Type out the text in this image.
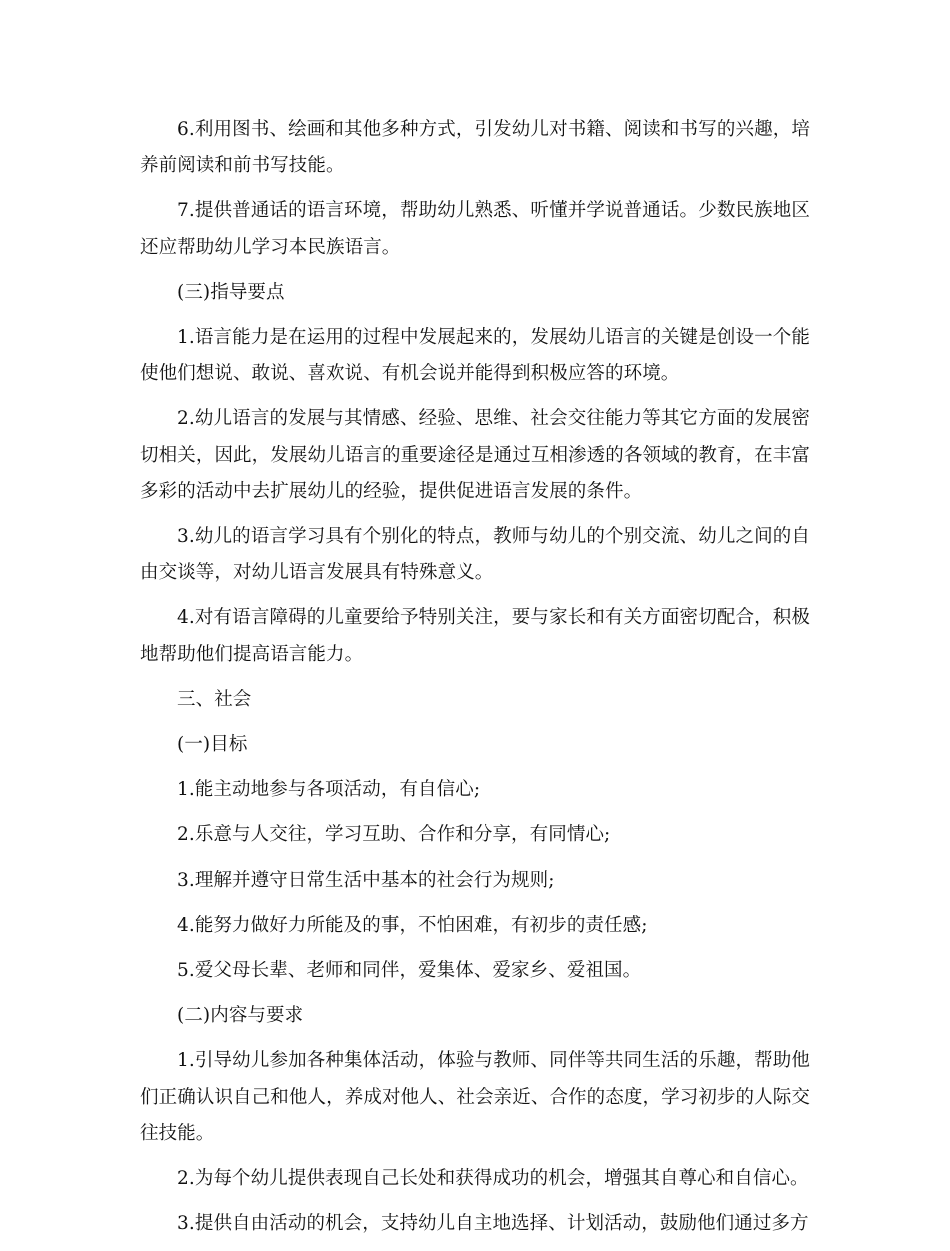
6.利用图书、绘画和其他多种方式，引发幼儿对书籍、阅读和书写的兴趣，培养前阅读和前书写技能。

7.提供普通话的语言环境，帮助幼儿熟悉、听懂并学说普通话。少数民族地区还应帮助幼儿学习本民族语言。

(三)指导要点

1.语言能力是在运用的过程中发展起来的，发展幼儿语言的关键是创设一个能使他们想说、敢说、喜欢说、有机会说并能得到积极应答的环境。

2.幼儿语言的发展与其情感、经验、思维、社会交往能力等其它方面的发展密切相关，因此，发展幼儿语言的重要途径是通过互相渗透的各领域的教育，在丰富多彩的活动中去扩展幼儿的经验，提供促进语言发展的条件。

3.幼儿的语言学习具有个别化的特点，教师与幼儿的个别交流、幼儿之间的自由交谈等，对幼儿语言发展具有特殊意义。

4.对有语言障碍的儿童要给予特别关注，要与家长和有关方面密切配合，积极地帮助他们提高语言能力。

三、社会

(一)目标

1.能主动地参与各项活动，有自信心;

2.乐意与人交往，学习互助、合作和分享，有同情心;

3.理解并遵守日常生活中基本的社会行为规则;

4.能努力做好力所能及的事，不怕困难，有初步的责任感;

5.爱父母长辈、老师和同伴，爱集体、爱家乡、爱祖国。

(二)内容与要求

1.引导幼儿参加各种集体活动，体验与教师、同伴等共同生活的乐趣，帮助他们正确认识自己和他人，养成对他人、社会亲近、合作的态度，学习初步的人际交往技能。

2.为每个幼儿提供表现自己长处和获得成功的机会，增强其自尊心和自信心。

3.提供自由活动的机会，支持幼儿自主地选择、计划活动，鼓励他们通过多方
